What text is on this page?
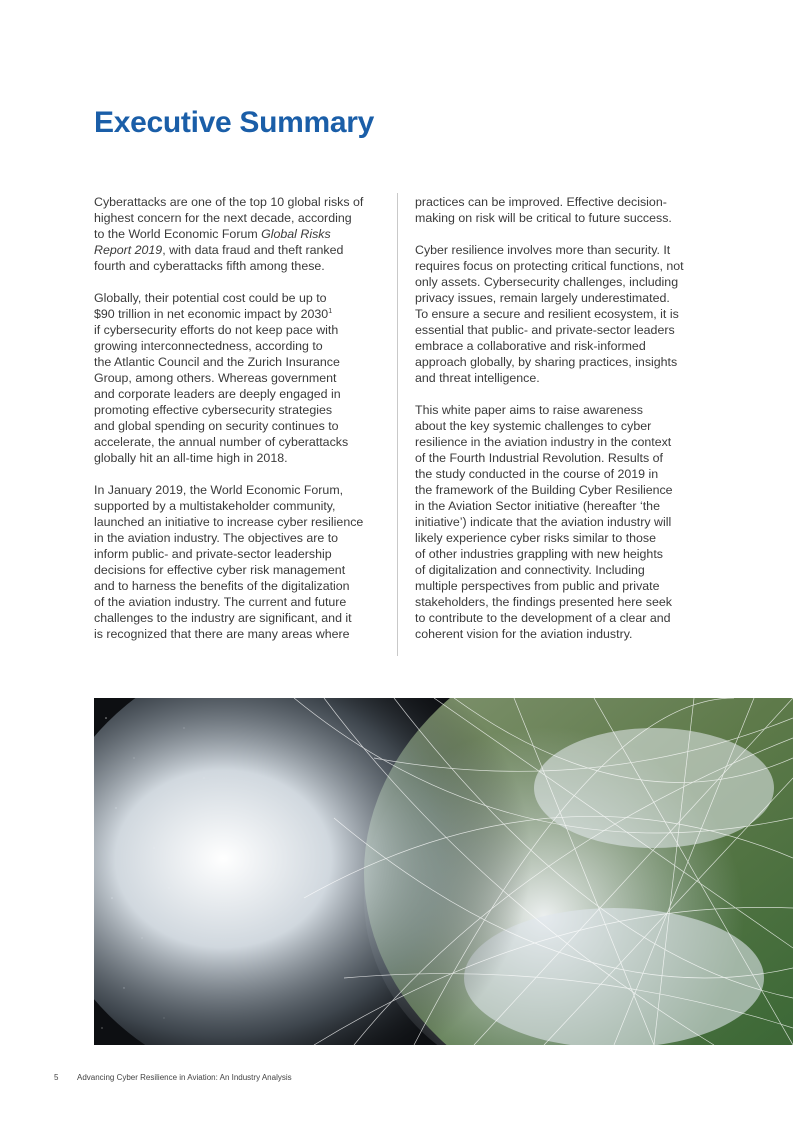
Executive Summary

Cyberattacks are one of the top 10 global risks of
highest concern for the next decade, according
to the World Economic Forum Global Risks
Report 2019, with data fraud and theft ranked
fourth and cyberattacks fifth among these.

Globally, their potential cost could be up to
$90 trillion in net economic impact by 2030$^1$
if cybersecurity efforts do not keep pace with
growing interconnectedness, according to
the Atlantic Council and the Zurich Insurance
Group, among others. Whereas government
and corporate leaders are deeply engaged in
promoting effective cybersecurity strategies
and global spending on security continues to
accelerate, the annual number of cyberattacks
globally hit an all-time high in 2018.

In January 2019, the World Economic Forum,
supported by a multistakeholder community,
launched an initiative to increase cyber resilience
in the aviation industry. The objectives are to
inform public- and private-sector leadership
decisions for effective cyber risk management
and to harness the benefits of the digitalization
of the aviation industry. The current and future
challenges to the industry are significant, and it
is recognized that there are many areas where

practices can be improved. Effective decision-
making on risk will be critical to future success.

Cyber resilience involves more than security. It
requires focus on protecting critical functions, not
only assets. Cybersecurity challenges, including
privacy issues, remain largely underestimated.
To ensure a secure and resilient ecosystem, it is
essential that public- and private-sector leaders
embrace a collaborative and risk-informed
approach globally, by sharing practices, insights
and threat intelligence.

This white paper aims to raise awareness
about the key systemic challenges to cyber
resilience in the aviation industry in the context
of the Fourth Industrial Revolution. Results of
the study conducted in the course of 2019 in
the framework of the Building Cyber Resilience
in the Aviation Sector initiative (hereafter ‘the
initiative’) indicate that the aviation industry will
likely experience cyber risks similar to those
of other industries grappling with new heights
of digitalization and connectivity. Including
multiple perspectives from public and private
stakeholders, the findings presented here seek
to contribute to the development of a clear and
coherent vision for the aviation industry.

5 Advancing Cyber Resilience in Aviation: An Industry Analysis
